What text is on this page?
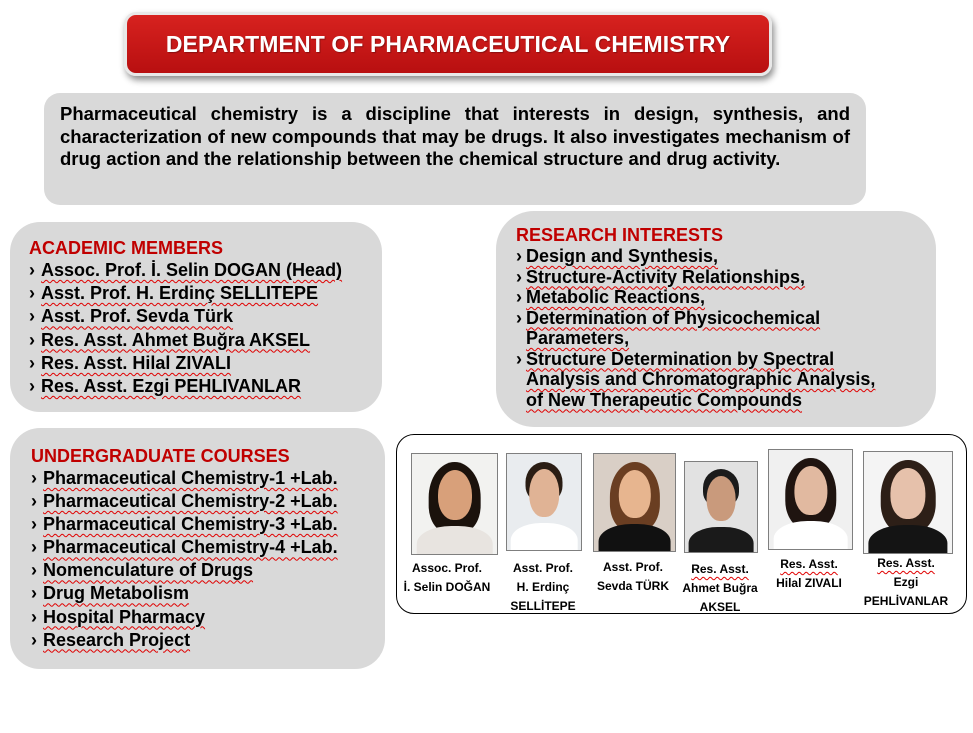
DEPARTMENT OF PHARMACEUTICAL CHEMISTRY

Pharmaceutical chemistry is a discipline that interests in design, synthesis, and characterization of new compounds that may be drugs. It also investigates mechanism of drug action and the relationship between the chemical structure and drug activity.

ACADEMIC MEMBERS
› Assoc. Prof. İ. Selin DOGAN (Head)
› Asst. Prof. H. Erdinç SELLITEPE
› Asst. Prof. Sevda Türk
› Res. Asst. Ahmet Buğra AKSEL
› Res. Asst. Hilal ZIVALI
› Res. Asst. Ezgi PEHLIVANLAR
RESEARCH INTERESTS
› Design and Synthesis,
› Structure-Activity Relationships,
› Metabolic Reactions,
› Determination of Physicochemical
Parameters,
› Structure Determination by Spectral
Analysis and Chromatographic Analysis,
of New Therapeutic Compounds
UNDERGRADUATE COURSES
› Pharmaceutical Chemistry-1 +Lab.
› Pharmaceutical Chemistry-2 +Lab.
› Pharmaceutical Chemistry-3 +Lab.
› Pharmaceutical Chemistry-4 +Lab.
› Nomenculature of Drugs
› Drug Metabolism
› Hospital Pharmacy
› Research Project
Assoc. Prof.
İ. Selin DOĞAN
Asst. Prof.
H. Erdinç
SELLİTEPE
Asst. Prof.
Sevda TÜRK
Res. Asst.
Ahmet Buğra
AKSEL
Res. Asst.
Hilal ZIVALI
Res. Asst.
Ezgi
PEHLİVANLAR
